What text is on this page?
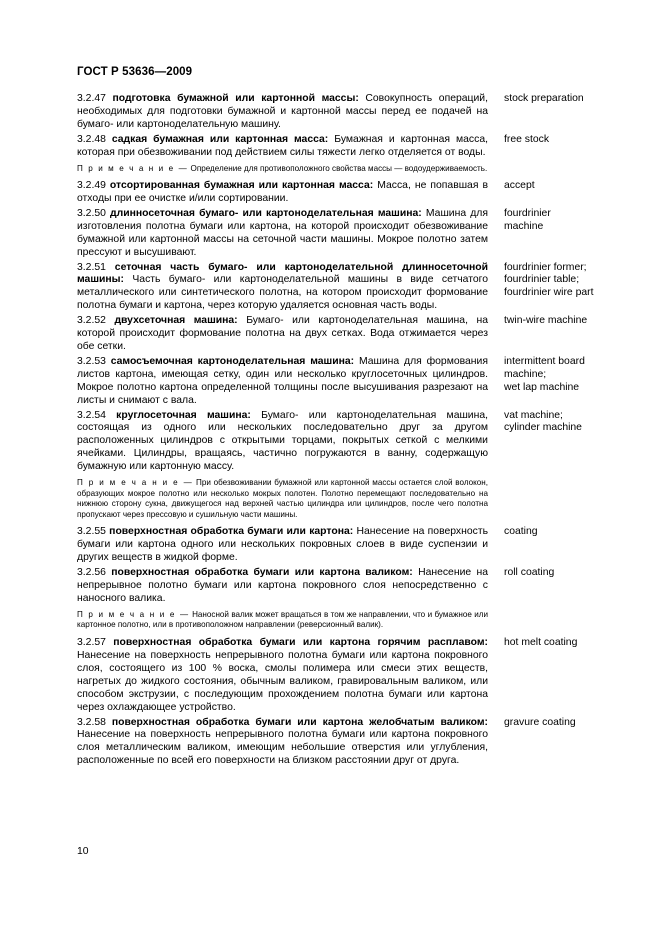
ГОСТ Р 53636—2009
3.2.47 подготовка бумажной или картонной массы: Совокупность операций, необходимых для подготовки бумажной и картонной массы перед ее подачей на бумаго- или картоноделательную машину.
stock preparation
3.2.48 садкая бумажная или картонная масса: Бумажная и картонная масса, которая при обезвоживании под действием силы тяжести легко отделяется от воды.
free stock
П р и м е ч а н и е — Определение для противоположного свойства массы — водоудерживаемость.
3.2.49 отсортированная бумажная или картонная масса: Масса, не попавшая в отходы при ее очистке и/или сортировании.
accept
3.2.50 длинносеточная бумаго- или картоноделательная машина: Машина для изготовления полотна бумаги или картона, на которой происходит обезвоживание бумажной или картонной массы на сеточной части машины. Мокрое полотно затем прессуют и высушивают.
fourdrinier
machine
3.2.51 сеточная часть бумаго- или картоноделательной длинносеточной машины: Часть бумаго- или картоноделательной машины в виде сетчатого металлического или синтетического полотна, на котором происходит формование полотна бумаги и картона, через которую удаляется основная часть воды.
fourdrinier former;
fourdrinier table;
fourdrinier wire part
3.2.52 двухсеточная машина: Бумаго- или картоноделательная машина, на которой происходит формование полотна на двух сетках. Вода отжимается через обе сетки.
twin-wire machine
3.2.53 самосъемочная картоноделательная машина: Машина для формования листов картона, имеющая сетку, один или несколько круглосеточных цилиндров. Мокрое полотно картона определенной толщины после высушивания разрезают на листы и снимают с вала.
intermittent board
machine;
wet lap machine
3.2.54 круглосеточная машина: Бумаго- или картоноделательная машина, состоящая из одного или нескольких последовательно друг за другом расположенных цилиндров с открытыми торцами, покрытых сеткой с мелкими ячейками. Цилиндры, вращаясь, частично погружаются в ванну, содержащую бумажную или картонную массу.
vat machine;
cylinder machine
П р и м е ч а н и е — При обезвоживании бумажной или картонной массы остается слой волокон, образующих мокрое полотно или несколько мокрых полотен. Полотно перемещают последовательно на нижнюю сторону сукна, движущегося над верхней частью цилиндра или цилиндров, после чего полотна пропускают через прессовую и сушильную части машины.
3.2.55 поверхностная обработка бумаги или картона: Нанесение на поверхность бумаги или картона одного или нескольких покровных слоев в виде суспензии и других веществ в жидкой форме.
coating
3.2.56 поверхностная обработка бумаги или картона валиком: Нанесение на непрерывное полотно бумаги или картона покровного слоя непосредственно с наносного валика.
roll coating
П р и м е ч а н и е — Наносной валик может вращаться в том же направлении, что и бумажное или картонное полотно, или в противоположном направлении (реверсионный валик).
3.2.57 поверхностная обработка бумаги или картона горячим расплавом: Нанесение на поверхность непрерывного полотна бумаги или картона покровного слоя, состоящего из 100 % воска, смолы полимера или смеси этих веществ, нагретых до жидкого состояния, обычным валиком, гравировальным валиком, или способом экструзии, с последующим прохождением полотна бумаги или картона через охлаждающее устройство.
hot melt coating
3.2.58 поверхностная обработка бумаги или картона желобчатым валиком: Нанесение на поверхность непрерывного полотна бумаги или картона покровного слоя металлическим валиком, имеющим небольшие отверстия или углубления, расположенные по всей его поверхности на близком расстоянии друг от друга.
gravure coating
10
